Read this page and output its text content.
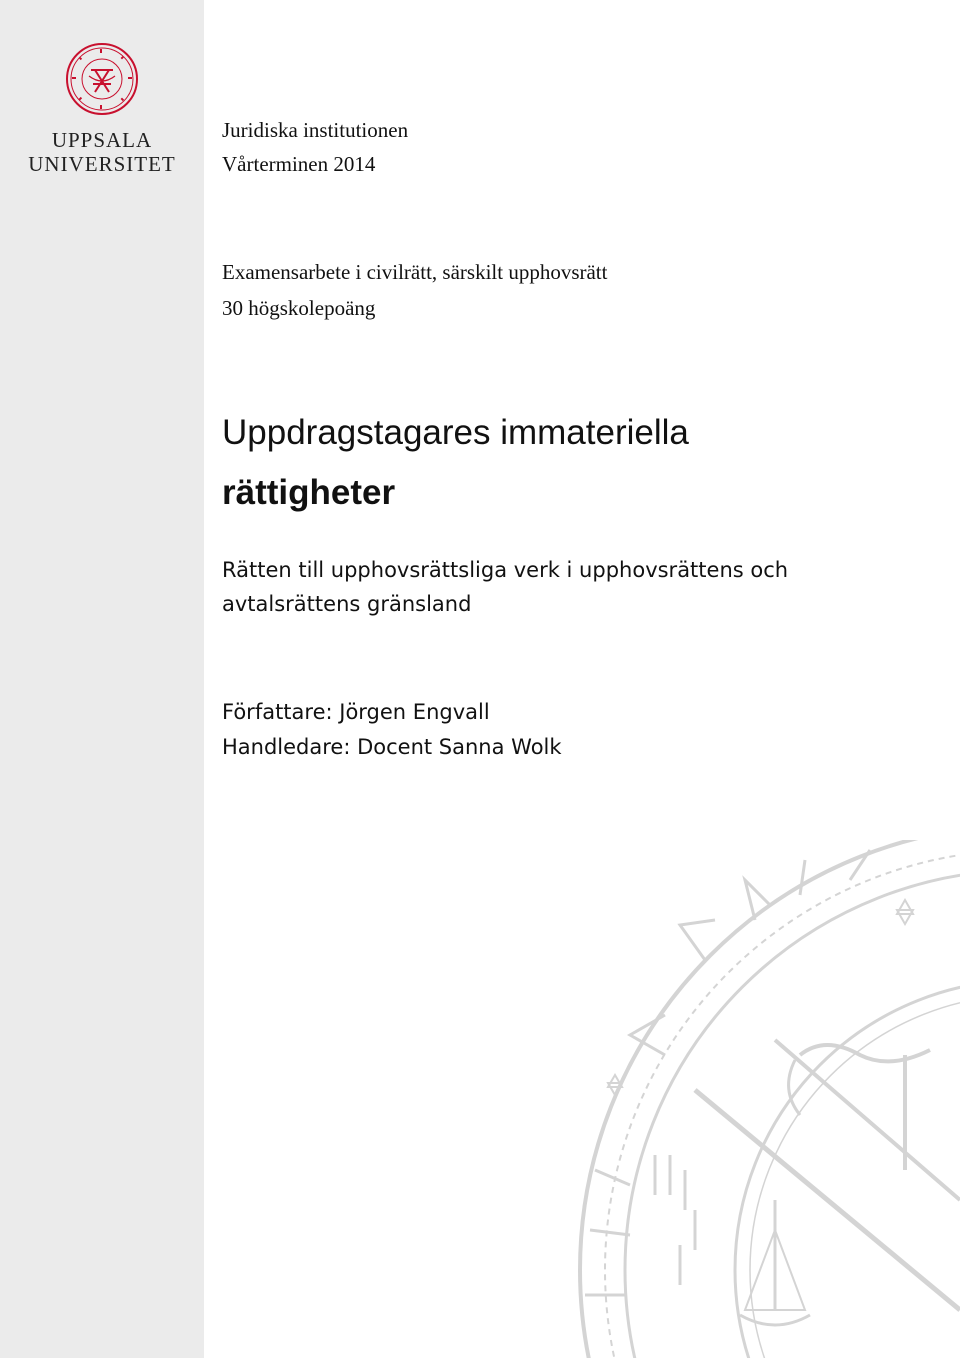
UPPSALA
UNIVERSITET
Juridiska institutionen
Vårterminen 2014
Examensarbete i civilrätt, särskilt upphovsrätt
30 högskolepoäng
Uppdragstagares immateriella
rättigheter
Rätten till upphovsrättsliga verk i upphovsrättens och
avtalsrättens gränsland
Författare: Jörgen Engvall
Handledare: Docent Sanna Wolk
